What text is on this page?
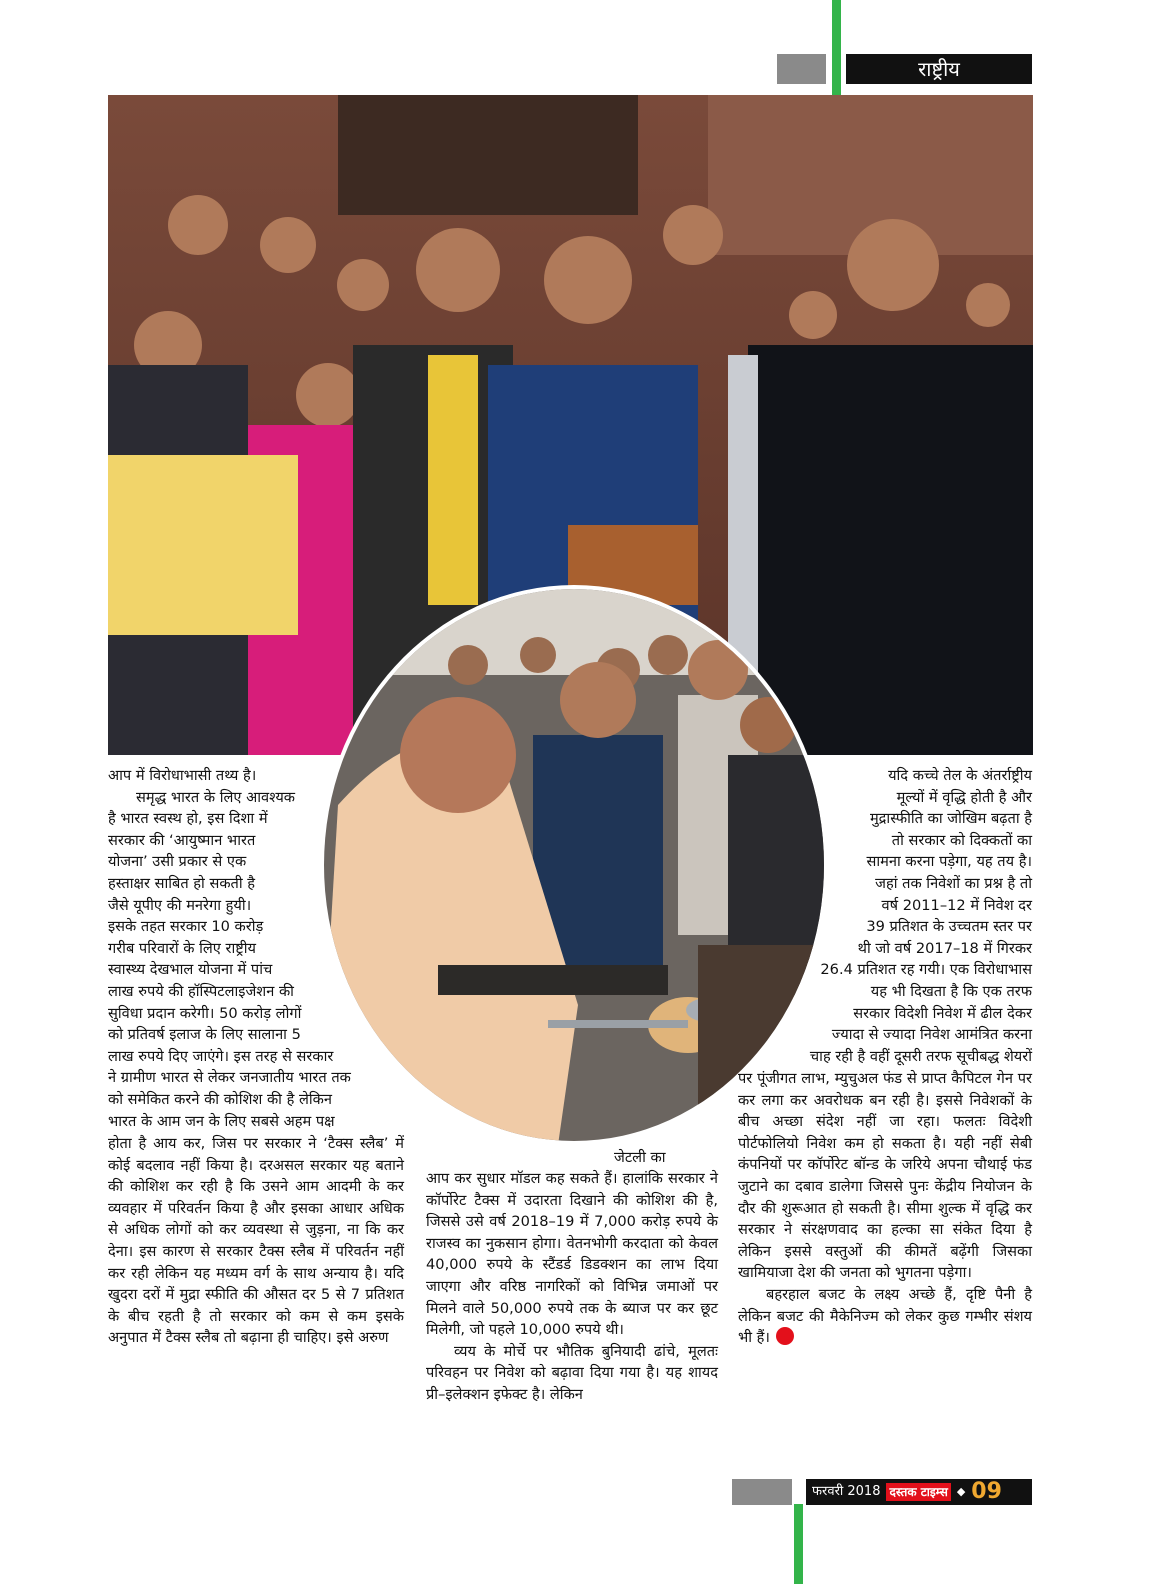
राष्ट्रीय

आप में विरोधाभासी तथ्य है।

समृद्ध भारत के लिए आवश्यक

है भारत स्वस्थ हो, इस दिशा में

सरकार की ‘आयुष्मान भारत

योजना’ उसी प्रकार से एक

हस्ताक्षर साबित हो सकती है

जैसे यूपीए की मनरेगा हुयी।

इसके तहत सरकार 10 करोड़

गरीब परिवारों के लिए राष्ट्रीय

स्वास्थ्य देखभाल योजना में पांच

लाख रुपये की हॉस्पिटलाइजेशन की

सुविधा प्रदान करेगी। 50 करोड़ लोगों

को प्रतिवर्ष इलाज के लिए सालाना 5

लाख रुपये दिए जाएंगे। इस तरह से सरकार

ने ग्रामीण भारत से लेकर जनजातीय भारत तक

को समेकित करने की कोशिश की है लेकिन

भारत के आम जन के लिए सबसे अहम पक्ष

होता है आय कर, जिस पर सरकार ने ‘टैक्स स्लैब’ में कोई बदलाव नहीं किया है। दरअसल सरकार यह बताने की कोशिश कर रही है कि उसने आम आदमी के कर व्यवहार में परिवर्तन किया है और इसका आधार अधिक से अधिक लोगों को कर व्यवस्था से जुड़ना, ना कि कर देना। इस कारण से सरकार टैक्स स्लैब में परिवर्तन नहीं कर रही लेकिन यह मध्यम वर्ग के साथ अन्याय है। यदि खुदरा दरों में मुद्रा स्फीति की औसत दर 5 से 7 प्रतिशत के बीच रहती है तो सरकार को कम से कम इसके अनुपात में टैक्स स्लैब तो बढ़ाना ही चाहिए। इसे अरुण

जेटली का

आप कर सुधार मॉडल कह सकते हैं। हालांकि सरकार ने कॉर्पोरेट टैक्स में उदारता दिखाने की कोशिश की है, जिससे उसे वर्ष 2018–19 में 7,000 करोड़ रुपये के राजस्व का नुकसान होगा। वेतनभोगी करदाता को केवल 40,000 रुपये के स्टैंडर्ड डिडक्शन का लाभ दिया जाएगा और वरिष्ठ नागरिकों को विभिन्न जमाओं पर मिलने वाले 50,000 रुपये तक के ब्याज पर कर छूट मिलेगी, जो पहले 10,000 रुपये थी।

व्यय के मोर्चे पर भौतिक बुनियादी ढांचे, मूलतः परिवहन पर निवेश को बढ़ावा दिया गया है। यह शायद प्री–इलेक्शन इफेक्ट है। लेकिन

यदि कच्चे तेल के अंतर्राष्ट्रीय

मूल्यों में वृद्धि होती है और

मुद्रास्फीति का जोखिम बढ़ता है

तो सरकार को दिक्कतों का

सामना करना पड़ेगा, यह तय है।

जहां तक निवेशों का प्रश्न है तो

वर्ष 2011–12 में निवेश दर

39 प्रतिशत के उच्चतम स्तर पर

थी जो वर्ष 2017–18 में गिरकर

26.4 प्रतिशत रह गयी। एक विरोधाभास

यह भी दिखता है कि एक तरफ

सरकार विदेशी निवेश में ढील देकर

ज्यादा से ज्यादा निवेश आमंत्रित करना

चाह रही है वहीं दूसरी तरफ सूचीबद्ध शेयरों

पर पूंजीगत लाभ, म्युचुअल फंड से प्राप्त कैपिटल गेन पर कर लगा कर अवरोधक बन रही है। इससे निवेशकों के बीच अच्छा संदेश नहीं जा रहा। फलतः विदेशी पोर्टफोलियो निवेश कम हो सकता है। यही नहीं सेबी कंपनियों पर कॉर्पोरेट बॉन्ड के जरिये अपना चौथाई फंड जुटाने का दबाव डालेगा जिससे पुनः केंद्रीय नियोजन के दौर की शुरूआत हो सकती है। सीमा शुल्क में वृद्धि कर सरकार ने संरक्षणवाद का हल्का सा संकेत दिया है लेकिन इससे वस्तुओं की कीमतें बढ़ेंगी जिसका खामियाजा देश की जनता को भुगतना पड़ेगा।

बहरहाल बजट के लक्ष्य अच्छे हैं, दृष्टि पैनी है लेकिन बजट की मैकेनिज्म को लेकर कुछ गम्भीर संशय भी हैं।

फरवरी 2018 दस्तक टाइम्स ◆ 09
